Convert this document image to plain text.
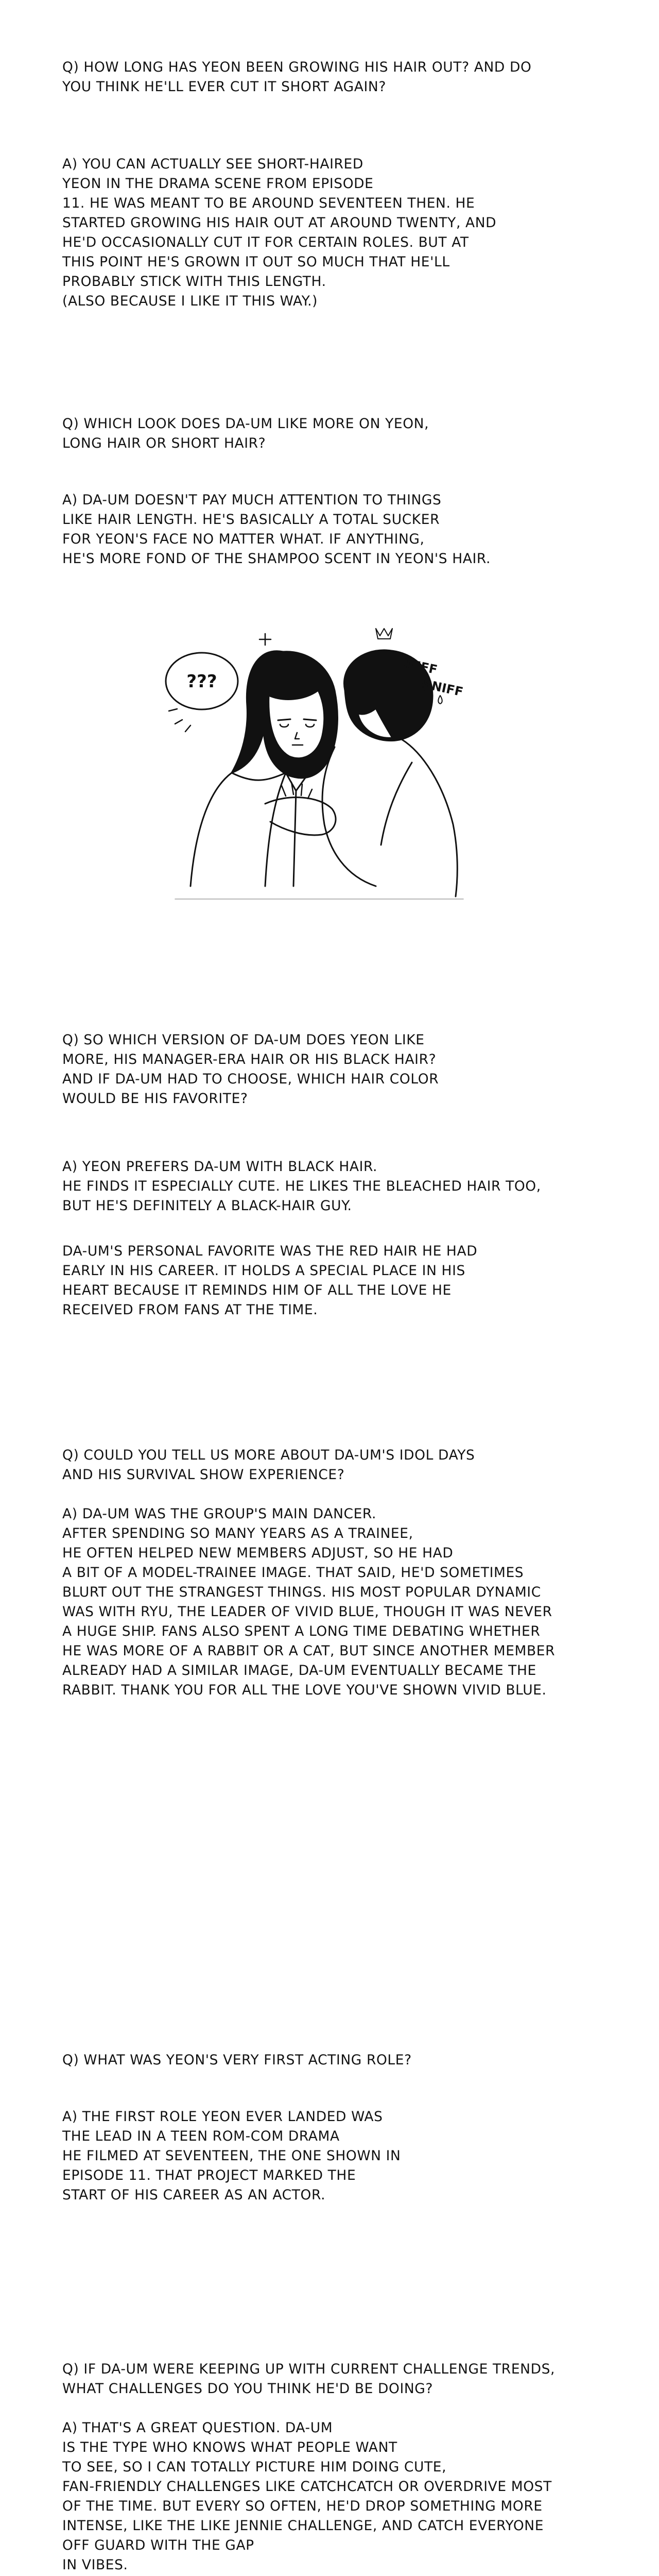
Q) HOW LONG HAS YEON BEEN GROWING HIS HAIR OUT? AND DO
YOU THINK HE'LL EVER CUT IT SHORT AGAIN?

A) YOU CAN ACTUALLY SEE SHORT-HAIRED
YEON IN THE DRAMA SCENE FROM EPISODE
11. HE WAS MEANT TO BE AROUND SEVENTEEN THEN. HE
STARTED GROWING HIS HAIR OUT AT AROUND TWENTY, AND
HE'D OCCASIONALLY CUT IT FOR CERTAIN ROLES. BUT AT
THIS POINT HE'S GROWN IT OUT SO MUCH THAT HE'LL
PROBABLY STICK WITH THIS LENGTH.
(ALSO BECAUSE I LIKE IT THIS WAY.)

Q) WHICH LOOK DOES DA-UM LIKE MORE ON YEON,
LONG HAIR OR SHORT HAIR?

A) DA-UM DOESN'T PAY MUCH ATTENTION TO THINGS
LIKE HAIR LENGTH. HE'S BASICALLY A TOTAL SUCKER
FOR YEON'S FACE NO MATTER WHAT. IF ANYTHING,
HE'S MORE FOND OF THE SHAMPOO SCENT IN YEON'S HAIR.

???
SNIFF
SNIFF

Q) SO WHICH VERSION OF DA-UM DOES YEON LIKE
MORE, HIS MANAGER-ERA HAIR OR HIS BLACK HAIR?
AND IF DA-UM HAD TO CHOOSE, WHICH HAIR COLOR
WOULD BE HIS FAVORITE?

A) YEON PREFERS DA-UM WITH BLACK HAIR.
HE FINDS IT ESPECIALLY CUTE. HE LIKES THE BLEACHED HAIR TOO,
BUT HE'S DEFINITELY A BLACK-HAIR GUY.

DA-UM'S PERSONAL FAVORITE WAS THE RED HAIR HE HAD
EARLY IN HIS CAREER. IT HOLDS A SPECIAL PLACE IN HIS
HEART BECAUSE IT REMINDS HIM OF ALL THE LOVE HE
RECEIVED FROM FANS AT THE TIME.

Q) COULD YOU TELL US MORE ABOUT DA-UM'S IDOL DAYS
AND HIS SURVIVAL SHOW EXPERIENCE?

A) DA-UM WAS THE GROUP'S MAIN DANCER.
AFTER SPENDING SO MANY YEARS AS A TRAINEE,
HE OFTEN HELPED NEW MEMBERS ADJUST, SO HE HAD
A BIT OF A MODEL-TRAINEE IMAGE. THAT SAID, HE'D SOMETIMES
BLURT OUT THE STRANGEST THINGS. HIS MOST POPULAR DYNAMIC
WAS WITH RYU, THE LEADER OF VIVID BLUE, THOUGH IT WAS NEVER
A HUGE SHIP. FANS ALSO SPENT A LONG TIME DEBATING WHETHER
HE WAS MORE OF A RABBIT OR A CAT, BUT SINCE ANOTHER MEMBER
ALREADY HAD A SIMILAR IMAGE, DA-UM EVENTUALLY BECAME THE
RABBIT. THANK YOU FOR ALL THE LOVE YOU'VE SHOWN VIVID BLUE.

Q) WHAT WAS YEON'S VERY FIRST ACTING ROLE?

A) THE FIRST ROLE YEON EVER LANDED WAS
THE LEAD IN A TEEN ROM-COM DRAMA
HE FILMED AT SEVENTEEN, THE ONE SHOWN IN
EPISODE 11. THAT PROJECT MARKED THE
START OF HIS CAREER AS AN ACTOR.

Q) IF DA-UM WERE KEEPING UP WITH CURRENT CHALLENGE TRENDS,
WHAT CHALLENGES DO YOU THINK HE'D BE DOING?

A) THAT'S A GREAT QUESTION. DA-UM
IS THE TYPE WHO KNOWS WHAT PEOPLE WANT
TO SEE, SO I CAN TOTALLY PICTURE HIM DOING CUTE,
FAN-FRIENDLY CHALLENGES LIKE CATCHCATCH OR OVERDRIVE MOST
OF THE TIME. BUT EVERY SO OFTEN, HE'D DROP SOMETHING MORE
INTENSE, LIKE THE LIKE JENNIE CHALLENGE, AND CATCH EVERYONE
OFF GUARD WITH THE GAP
IN VIBES.
